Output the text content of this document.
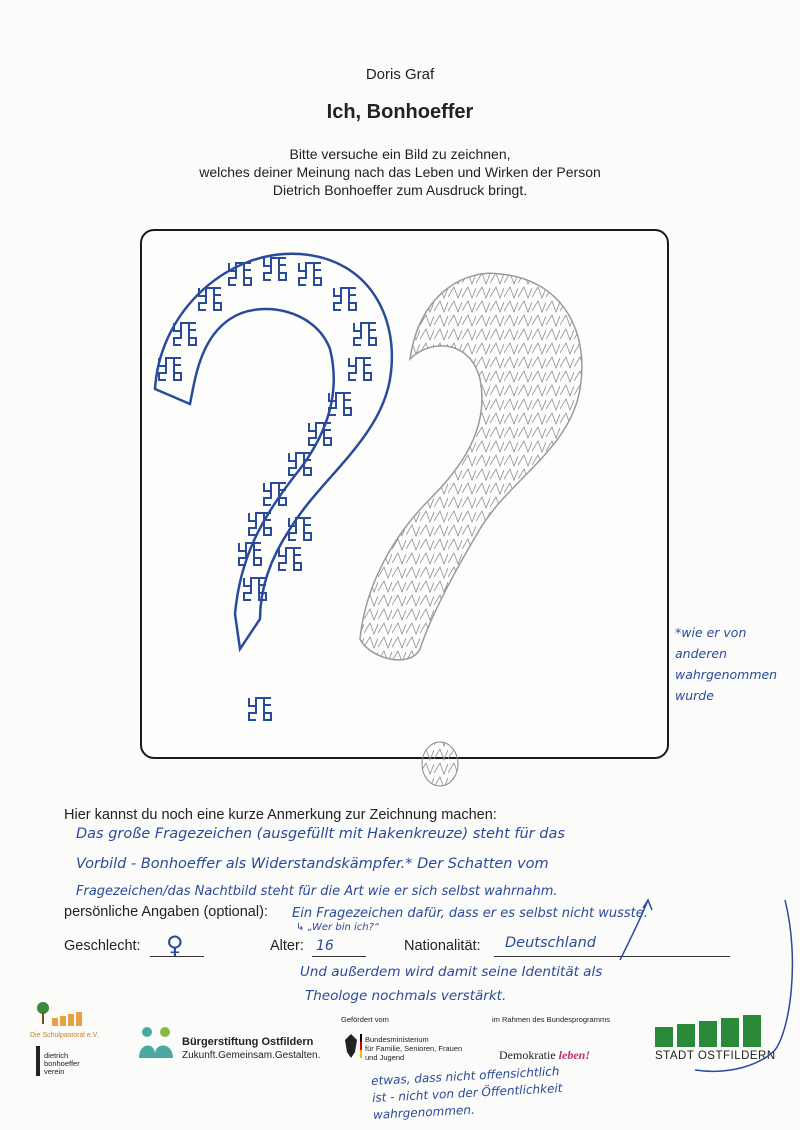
Doris Graf
Ich, Bonhoeffer
Bitte versuche ein Bild zu zeichnen,
welches deiner Meinung nach das Leben und Wirken der Person
Dietrich Bonhoeffer zum Ausdruck bringt.
*wie er von
anderen
wahrgenommen
wurde
Hier kannst du noch eine kurze Anmerkung zur Zeichnung machen:
Das große Fragezeichen (ausgefüllt mit Hakenkreuze) steht für das
Vorbild - Bonhoeffer als Widerstandskämpfer.* Der Schatten vom
Fragezeichen/das Nachtbild steht für die Art wie er sich selbst wahrnahm.
Ein Fragezeichen dafür, dass er es selbst nicht wusste.
↳ „Wer bin ich?“
Und außerdem wird damit seine Identität als
Theologe nochmals verstärkt.
persönliche Angaben (optional):
Geschlecht: ♀	Alter: 16	Nationalität: Deutschland
Die Schulpastoral e.V.
dietrich
bonhoeffer
verein
Bürgerstiftung Ostfildern
Zukunft.Gemeinsam.Gestalten.
Gefördert vom
Bundesministerium
für Familie, Senioren, Frauen
und Jugend
im Rahmen des Bundesprogramms
Demokratie leben!	STADT OSTFILDERN
etwas, dass nicht offensichtlich
ist - nicht von der Öffentlichkeit
wahrgenommen.
